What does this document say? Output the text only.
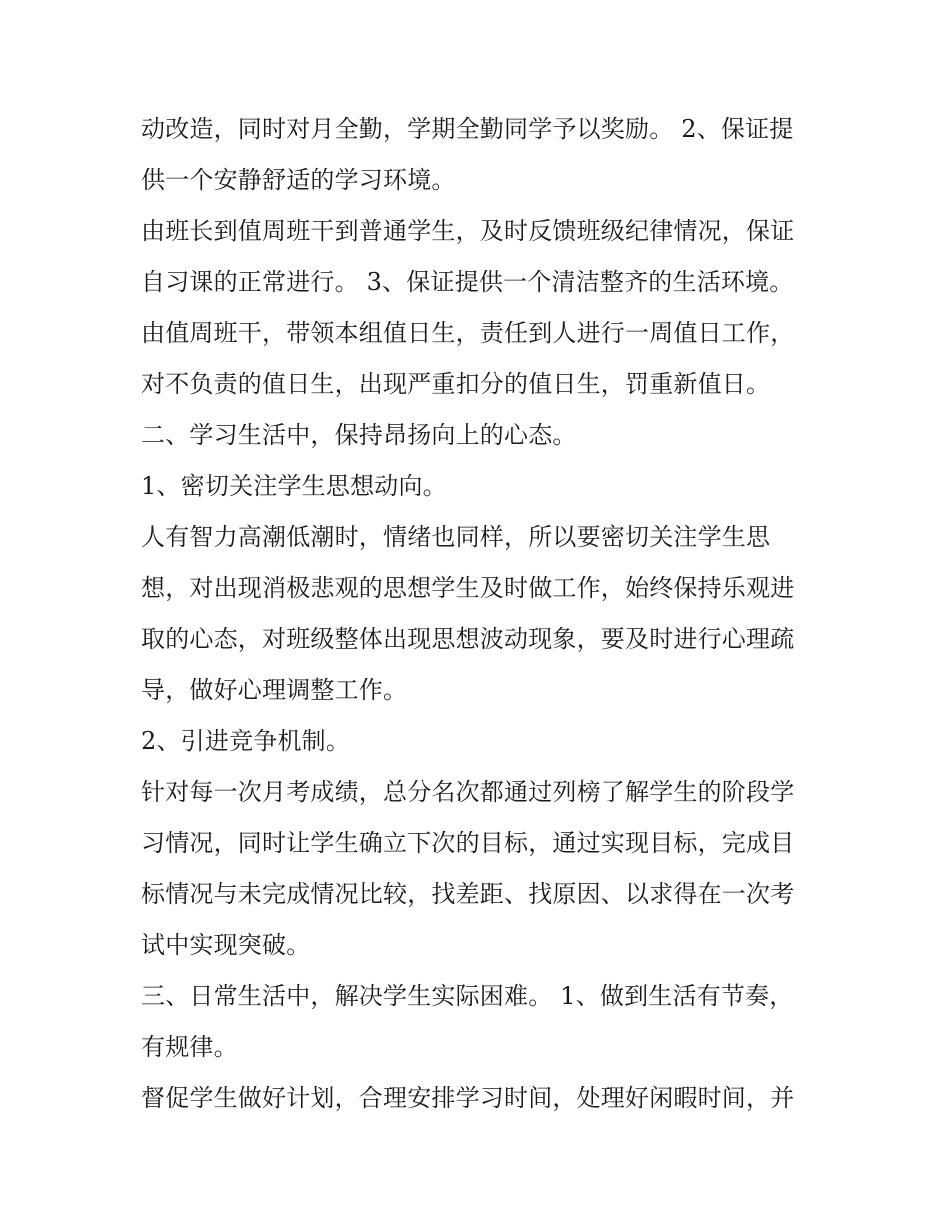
动改造，同时对月全勤，学期全勤同学予以奖励。 2、保证提
供一个安静舒适的学习环境。
由班长到值周班干到普通学生，及时反馈班级纪律情况，保证
自习课的正常进行。 3、保证提供一个清洁整齐的生活环境。
由值周班干，带领本组值日生，责任到人进行一周值日工作，
对不负责的值日生，出现严重扣分的值日生，罚重新值日。
二、学习生活中，保持昂扬向上的心态。
1、密切关注学生思想动向。
人有智力高潮低潮时，情绪也同样，所以要密切关注学生思
想，对出现消极悲观的思想学生及时做工作，始终保持乐观进
取的心态，对班级整体出现思想波动现象，要及时进行心理疏
导，做好心理调整工作。
2、引进竞争机制。
针对每一次月考成绩，总分名次都通过列榜了解学生的阶段学
习情况，同时让学生确立下次的目标，通过实现目标，完成目
标情况与未完成情况比较，找差距、找原因、以求得在一次考
试中实现突破。
三、日常生活中，解决学生实际困难。 1、做到生活有节奏，
有规律。
督促学生做好计划，合理安排学习时间，处理好闲暇时间，并
